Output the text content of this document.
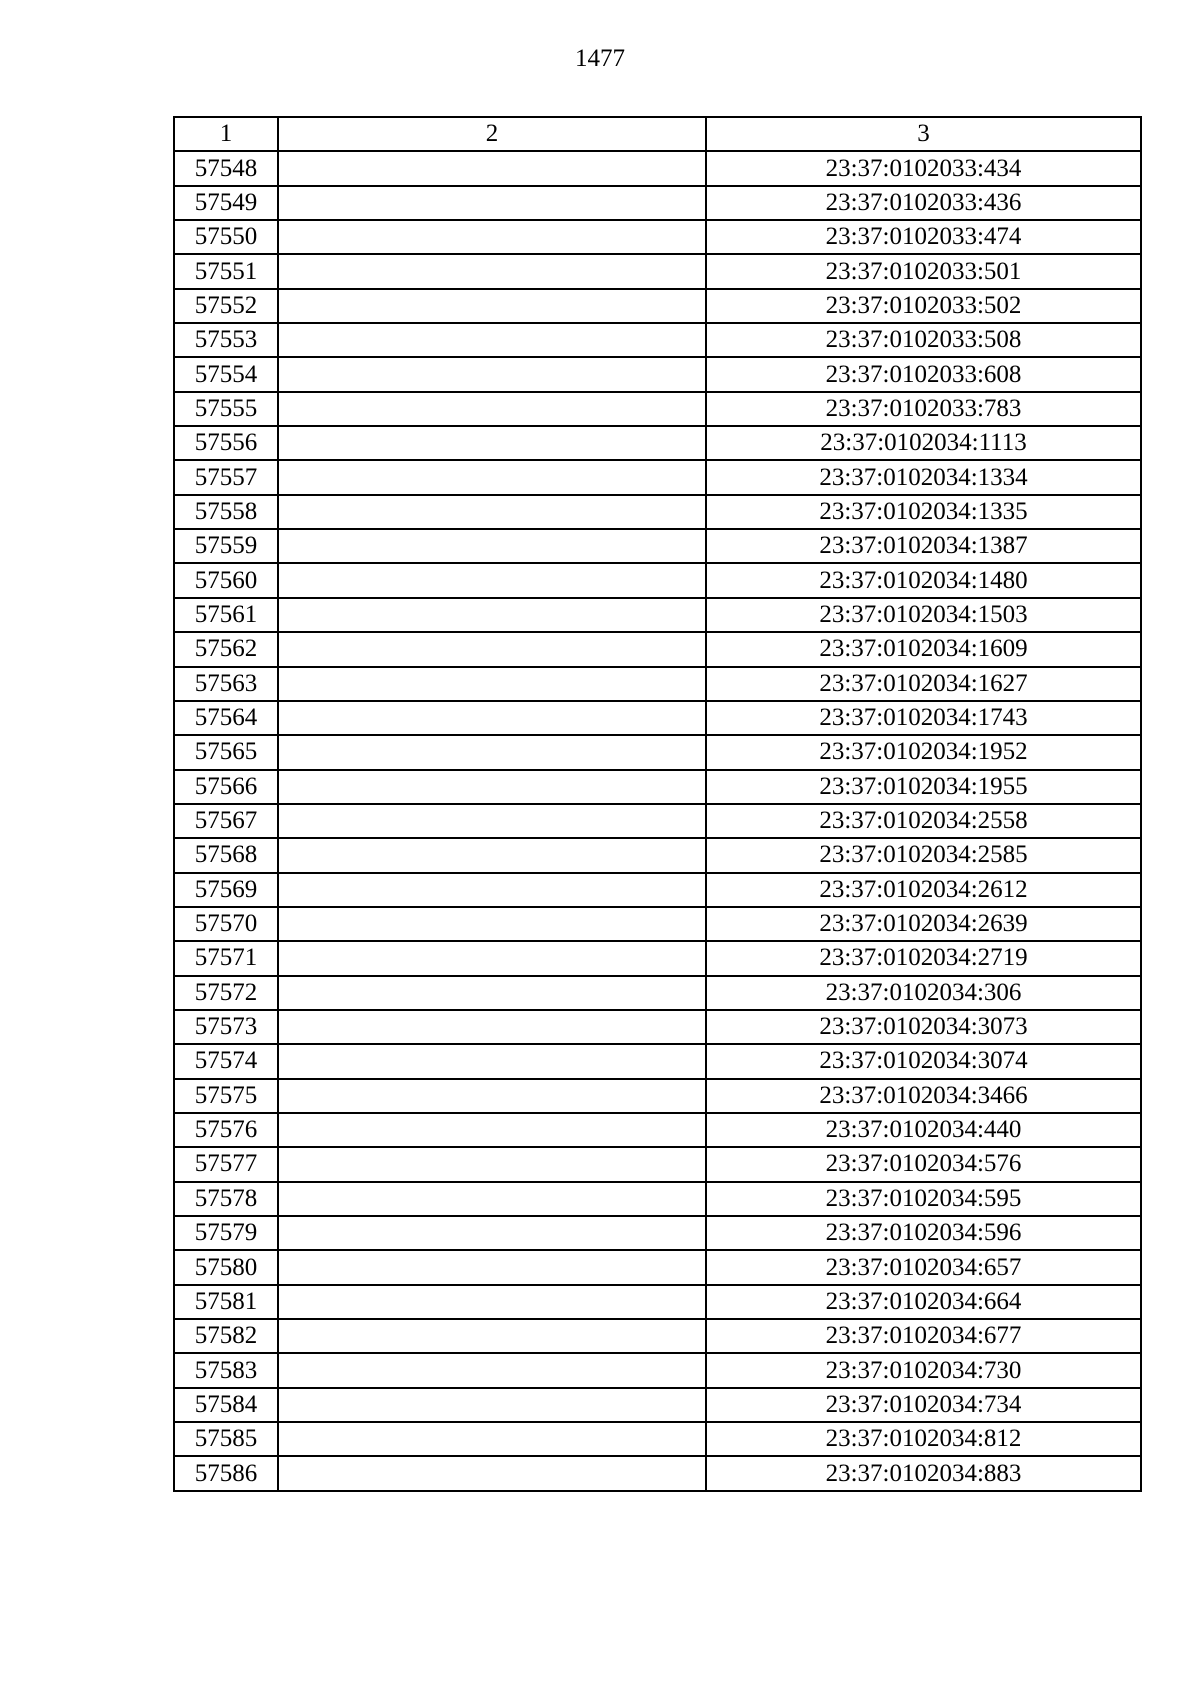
1477
1	2	3
57548		23:37:0102033:434
57549		23:37:0102033:436
57550		23:37:0102033:474
57551		23:37:0102033:501
57552		23:37:0102033:502
57553		23:37:0102033:508
57554		23:37:0102033:608
57555		23:37:0102033:783
57556		23:37:0102034:1113
57557		23:37:0102034:1334
57558		23:37:0102034:1335
57559		23:37:0102034:1387
57560		23:37:0102034:1480
57561		23:37:0102034:1503
57562		23:37:0102034:1609
57563		23:37:0102034:1627
57564		23:37:0102034:1743
57565		23:37:0102034:1952
57566		23:37:0102034:1955
57567		23:37:0102034:2558
57568		23:37:0102034:2585
57569		23:37:0102034:2612
57570		23:37:0102034:2639
57571		23:37:0102034:2719
57572		23:37:0102034:306
57573		23:37:0102034:3073
57574		23:37:0102034:3074
57575		23:37:0102034:3466
57576		23:37:0102034:440
57577		23:37:0102034:576
57578		23:37:0102034:595
57579		23:37:0102034:596
57580		23:37:0102034:657
57581		23:37:0102034:664
57582		23:37:0102034:677
57583		23:37:0102034:730
57584		23:37:0102034:734
57585		23:37:0102034:812
57586		23:37:0102034:883
